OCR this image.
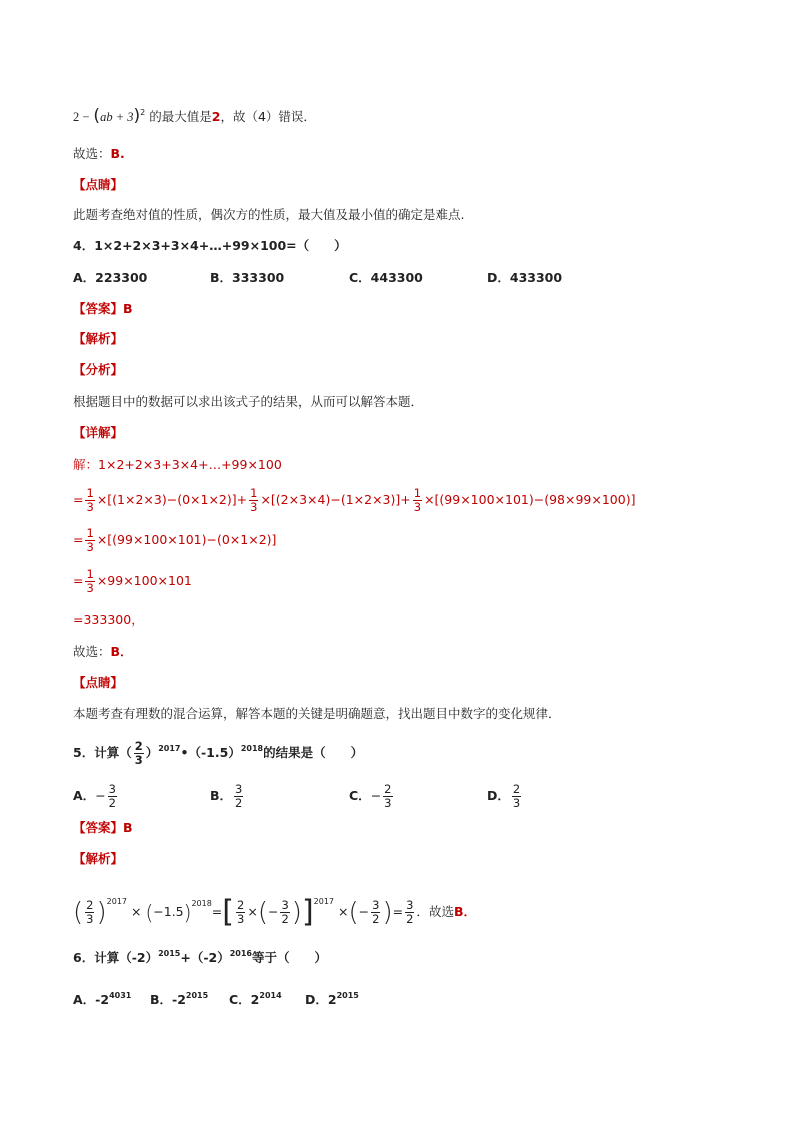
2 − (ab + 3)$^2$ 的最大值是2，故（4）错误．
故选：B.
【点睛】
此题考查绝对值的性质，偶次方的性质，最大值及最小值的确定是难点.
4．1×2+2×3+3×4+…+99×100=（　　）
A．223300	B．333300	C．443300	D．433300
【答案】B
【解析】
【分析】
根据题目中的数据可以求出该式子的结果，从而可以解答本题．
【详解】
解：1×2+2×3+3×4+…+99×100
= $\frac{1}{3} \times[(1\times 2\times 3)-(0\times 1\times 2)]+ \frac{1}{3} \times[(2\times 3\times 4)-(1\times 2\times 3)]+ \frac{1}{3} \times[(99\times 100\times 101)-(98\times 99\times 100)]$
= $\frac{1}{3} \times[(99\times 100\times 101)-(0\times 1\times 2)]$
= $\frac{1}{3} \times 99\times 100\times 101$
=333300，
故选：B．
【点睛】
本题考查有理数的混合运算，解答本题的关键是明确题意，找出题目中数字的变化规律．
5．计算（ $\frac{2}{3}$ ）$^{2017}•(-1.5)^{2018}$的结果是（　　）
A．− $\frac{3}{2}$	B． $\frac{3}{2}$	C．− $\frac{2}{3}$	D． $\frac{2}{3}$
【答案】B
【解析】
( $\frac{2}{3} )^{2017} \times (-1.5)^{2018}=[ \frac{2}{3}$ ×(− $\frac{3}{2} )]^{2017}$ ×(− $\frac{3}{2}$ )= $\frac{3}{2}$ ．故选B．
6．计算$(-2)^{2015}+(-2)^{2016}$等于（　　）
A．$-2^{4031}$ B．$-2^{2015}$ C．$2^{2014}$ D．$2^{2015}$
